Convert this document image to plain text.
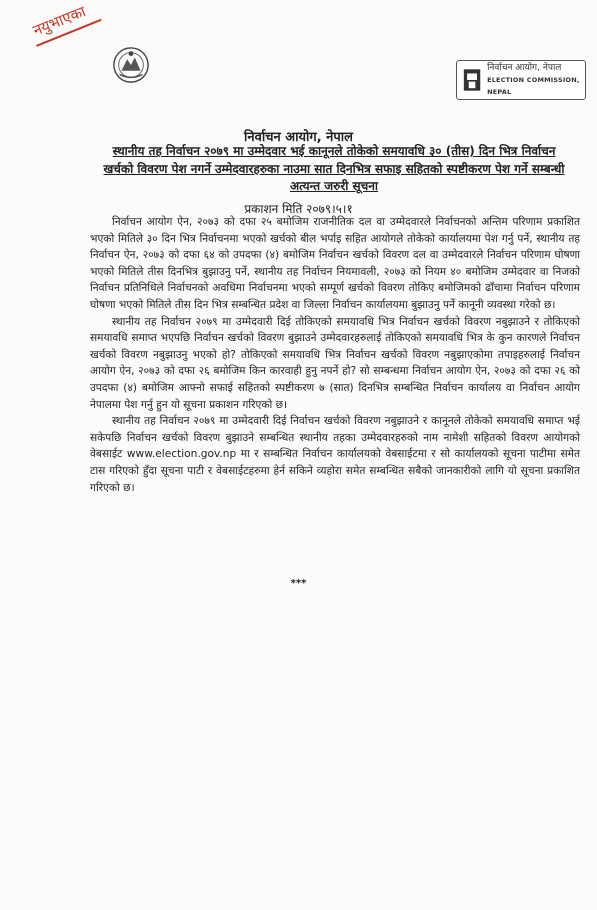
नयुभाएका
निर्वाचन आयोग, नेपाल
ELECTION COMMISSION, NEPAL
निर्वाचन आयोग, नेपाल
स्थानीय तह निर्वाचन २०७९ मा उम्मेदवार भई कानूनले तोकेको समयावधि ३० (तीस) दिन भित्र निर्वाचन खर्चको विवरण पेश नगर्ने उम्मेदवारहरुका नाउमा सात दिनभित्र सफाइ सहितको स्पष्टीकरण पेश गर्ने सम्बन्धी अत्यन्त जरुरी सूचना
प्रकाशन मिति २०७९।५।१

निर्वाचन आयोग ऐन, २०७३ को दफा २५ बमोजिम राजनीतिक दल वा उम्मेदवारले निर्वाचनको अन्तिम परिणाम प्रकाशित भएको मितिले ३० दिन भित्र निर्वाचनमा भएको खर्चको बील भर्पाइ सहित आयोगले तोकेको कार्यालयमा पेश गर्नु पर्ने, स्थानीय तह निर्वाचन ऐन, २०७३ को दफा ६४ को उपदफा (४) बमोजिम निर्वाचन खर्चको विवरण दल वा उम्मेदवारले निर्वाचन परिणाम घोषणा भएको मितिले तीस दिनभित्र बुझाउनु पर्ने, स्थानीय तह निर्वाचन नियमावली, २०७३ को नियम ४० बमोजिम उम्मेदवार वा निजको निर्वाचन प्रतिनिधिले निर्वाचनको अवधिमा निर्वाचनमा भएको सम्पूर्ण खर्चको विवरण तोकिए बमोजिमको ढाँचामा निर्वाचन परिणाम घोषणा भएको मितिले तीस दिन भित्र सम्बन्धित प्रदेश वा जिल्ला निर्वाचन कार्यालयमा बुझाउनु पर्ने कानूनी व्यवस्था गरेको छ।

स्थानीय तह निर्वाचन २०७९ मा उम्मेदवारी दिई तोकिएको समयावधि भित्र निर्वाचन खर्चको विवरण नबुझाउने र तोकिएको समयावधि समाप्त भएपछि निर्वाचन खर्चको विवरण बुझाउने उम्मेदवारहरुलाई तोकिएको समयावधि भित्र के कुन कारणले निर्वाचन खर्चको विवरण नबुझाउनु भएको हो? तोकिएको समयावधि भित्र निर्वाचन खर्चको विवरण नबुझाएकोमा तपाइहरुलाई निर्वाचन आयोग ऐन, २०७३ को दफा २६ बमोजिम किन कारवाही हुनु नपर्ने हो? सो सम्बन्धमा निर्वाचन आयोग ऐन, २०७३ को दफा २६ को उपदफा (४) बमोजिम आफ्नो सफाई सहितको स्पष्टीकरण ७ (सात) दिनभित्र सम्बन्धित निर्वाचन कार्यालय वा निर्वाचन आयोग नेपालमा पेश गर्नु हुन यो सूचना प्रकाशन गरिएको छ।

स्थानीय तह निर्वाचन २०७९ मा उम्मेदवारी दिई निर्वाचन खर्चको विवरण नबुझाउने र कानूनले तोकेको समयावधि समाप्त भई सकेपछि निर्वाचन खर्चको विवरण बुझाउने सम्बन्धित स्थानीय तहका उम्मेदवारहरुको नाम नामेशी सहितको विवरण आयोगको वेबसाईट www.election.gov.np मा र सम्बन्धित निर्वाचन कार्यालयको वेबसाईटमा र सो कार्यालयको सूचना पाटीमा समेत टास गरिएको हुँदा सूचना पाटी र वेबसाईटहरुमा हेर्न सकिने व्यहोरा समेत सम्बन्धित सबैको जानकारीको लागि यो सूचना प्रकाशित गरिएको छ।

***
